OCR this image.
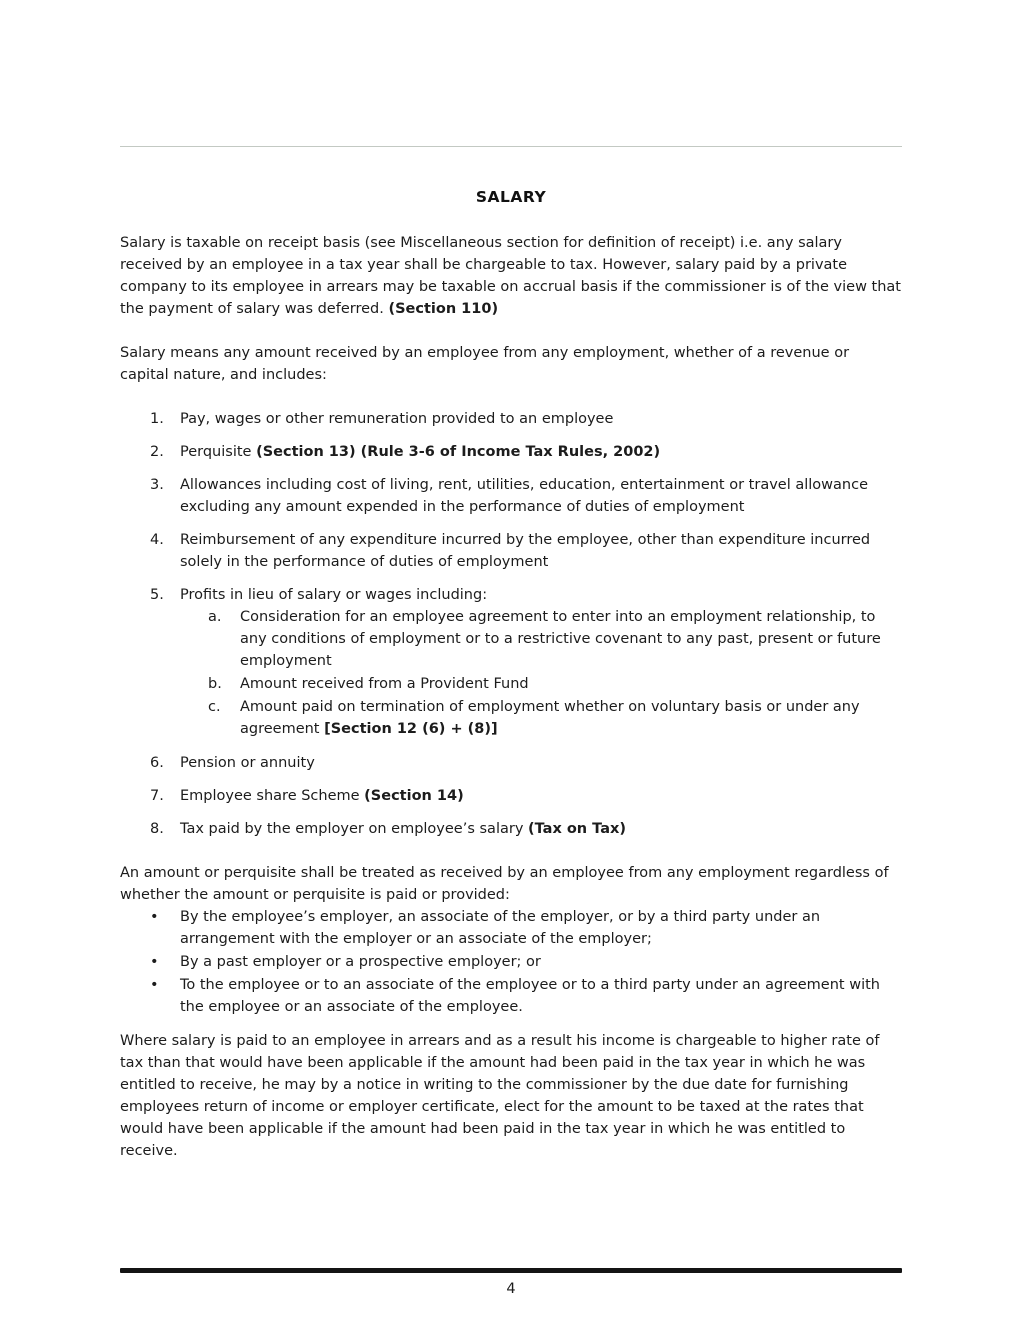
SALARY

Salary is taxable on receipt basis (see Miscellaneous section for definition of receipt) i.e. any salary received by an employee in a tax year shall be chargeable to tax. However, salary paid by a private company to its employee in arrears may be taxable on accrual basis if the commissioner is of the view that the payment of salary was deferred. (Section 110)

Salary means any amount received by an employee from any employment, whether of a revenue or capital nature, and includes:

1.	Pay, wages or other remuneration provided to an employee
2.	Perquisite (Section 13) (Rule 3-6 of Income Tax Rules, 2002)
3.	Allowances including cost of living, rent, utilities, education, entertainment or travel allowance excluding any amount expended in the performance of duties of employment
4.	Reimbursement of any expenditure incurred by the employee, other than expenditure incurred solely in the performance of duties of employment
5.	Profits in lieu of salary or wages including:
a.	Consideration for an employee agreement to enter into an employment relationship, to any conditions of employment or to a restrictive covenant to any past, present or future employment
b.	Amount received from a Provident Fund
c.	Amount paid on termination of employment whether on voluntary basis or under any agreement [Section 12 (6) + (8)]
6.	Pension or annuity
7.	Employee share Scheme (Section 14)
8.	Tax paid by the employer on employee’s salary (Tax on Tax)

An amount or perquisite shall be treated as received by an employee from any employment regardless of whether the amount or perquisite is paid or provided:

•	By the employee’s employer, an associate of the employer, or by a third party under an arrangement with the employer or an associate of the employer;
•	By a past employer or a prospective employer; or
•	To the employee or to an associate of the employee or to a third party under an agreement with the employee or an associate of the employee.

Where salary is paid to an employee in arrears and as a result his income is chargeable to higher rate of tax than that would have been applicable if the amount had been paid in the tax year in which he was entitled to receive, he may by a notice in writing to the commissioner by the due date for furnishing employees return of income or employer certificate, elect for the amount to be taxed at the rates that would have been applicable if the amount had been paid in the tax year in which he was entitled to receive.

4
